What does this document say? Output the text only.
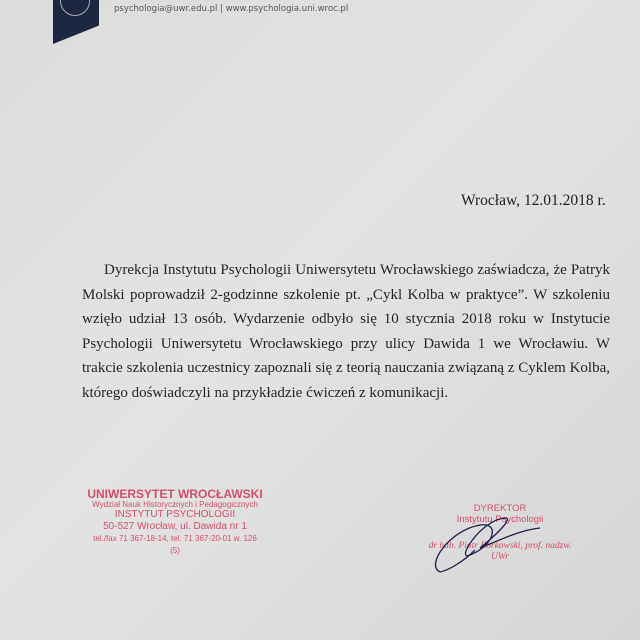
psychologia@uwr.edu.pl | www.psychologia.uni.wroc.pl
Wrocław, 12.01.2018 r.
Dyrekcja Instytutu Psychologii Uniwersytetu Wrocławskiego zaświadcza, że Patryk Molski poprowadził 2-godzinne szkolenie pt. „Cykl Kolba w praktyce”. W szkoleniu wzięło udział 13 osób. Wydarzenie odbyło się 10 stycznia 2018 roku w Instytucie Psychologii Uniwersytetu Wrocławskiego przy ulicy Dawida 1 we Wrocławiu. W trakcie szkolenia uczestnicy zapoznali się z teorią nauczania związaną z Cyklem Kolba, którego doświadczyli na przykładzie ćwiczeń z komunikacji.
UNIWERSYTET WROCŁAWSKI
Wydział Nauk Historycznych i Pedagogicznych
INSTYTUT PSYCHOLOGII
50-527 Wrocław, ul. Dawida nr 1
tel./fax 71 367-18-14, tel. 71 367-20-01 w. 126
(5)
DYREKTOR
Instytutu Psychologii
dr hab. Piotr Borkowski, prof. nadzw. UWr
